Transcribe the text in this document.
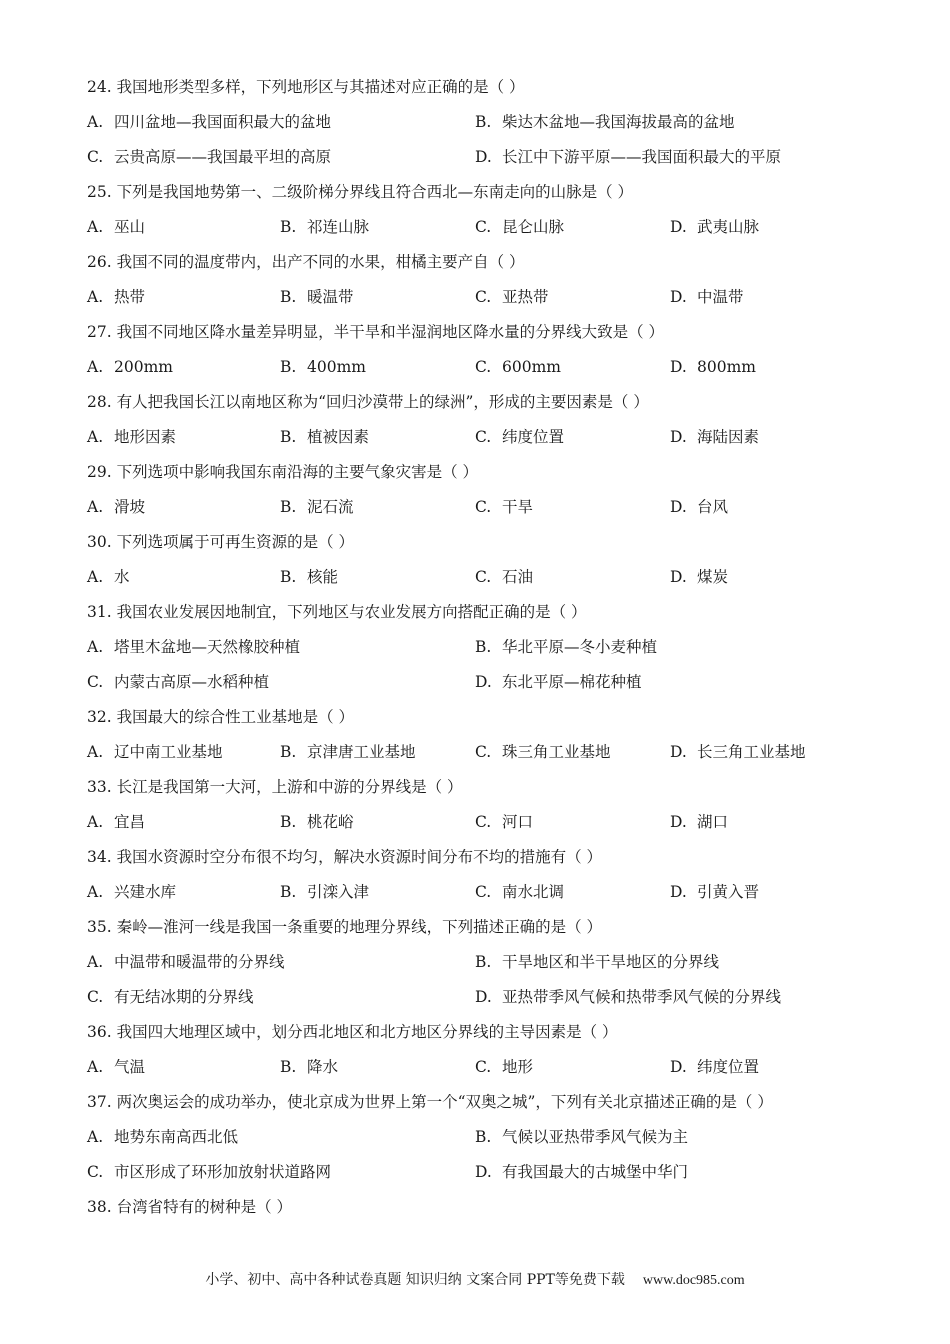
24. 我国地形类型多样，下列地形区与其描述对应正确的是（ ）
A. 四川盆地—我国面积最大的盆地	B. 柴达木盆地—我国海拔最高的盆地
C. 云贵高原——我国最平坦的高原	D. 长江中下游平原——我国面积最大的平原
25. 下列是我国地势第一、二级阶梯分界线且符合西北—东南走向的山脉是（ ）
A. 巫山	B. 祁连山脉	C. 昆仑山脉	D. 武夷山脉
26. 我国不同的温度带内，出产不同的水果，柑橘主要产自（ ）
A. 热带	B. 暖温带	C. 亚热带	D. 中温带
27. 我国不同地区降水量差异明显，半干旱和半湿润地区降水量的分界线大致是（ ）
A. 200mm	B. 400mm	C. 600mm	D. 800mm
28. 有人把我国长江以南地区称为“回归沙漠带上的绿洲”，形成的主要因素是（ ）
A. 地形因素	B. 植被因素	C. 纬度位置	D. 海陆因素
29. 下列选项中影响我国东南沿海的主要气象灾害是（ ）
A. 滑坡	B. 泥石流	C. 干旱	D. 台风
30. 下列选项属于可再生资源的是（ ）
A. 水	B. 核能	C. 石油	D. 煤炭
31. 我国农业发展因地制宜，下列地区与农业发展方向搭配正确的是（ ）
A. 塔里木盆地—天然橡胶种植	B. 华北平原—冬小麦种植
C. 内蒙古高原—水稻种植	D. 东北平原—棉花种植
32. 我国最大的综合性工业基地是（ ）
A. 辽中南工业基地	B. 京津唐工业基地	C. 珠三角工业基地	D. 长三角工业基地
33. 长江是我国第一大河，上游和中游的分界线是（ ）
A. 宜昌	B. 桃花峪	C. 河口	D. 湖口
34. 我国水资源时空分布很不均匀，解决水资源时间分布不均的措施有（ ）
A. 兴建水库	B. 引滦入津	C. 南水北调	D. 引黄入晋
35. 秦岭—淮河一线是我国一条重要的地理分界线，下列描述正确的是（ ）
A. 中温带和暖温带的分界线	B. 干旱地区和半干旱地区的分界线
C. 有无结冰期的分界线	D. 亚热带季风气候和热带季风气候的分界线
36. 我国四大地理区域中，划分西北地区和北方地区分界线的主导因素是（ ）
A. 气温	B. 降水	C. 地形	D. 纬度位置
37. 两次奥运会的成功举办，使北京成为世界上第一个“双奥之城”，下列有关北京描述正确的是（ ）
A. 地势东南高西北低	B. 气候以亚热带季风气候为主
C. 市区形成了环形加放射状道路网	D. 有我国最大的古城堡中华门
38. 台湾省特有的树种是（ ）
小学、初中、高中各种试卷真题 知识归纳 文案合同 PPT等免费下载 www.doc985.com
